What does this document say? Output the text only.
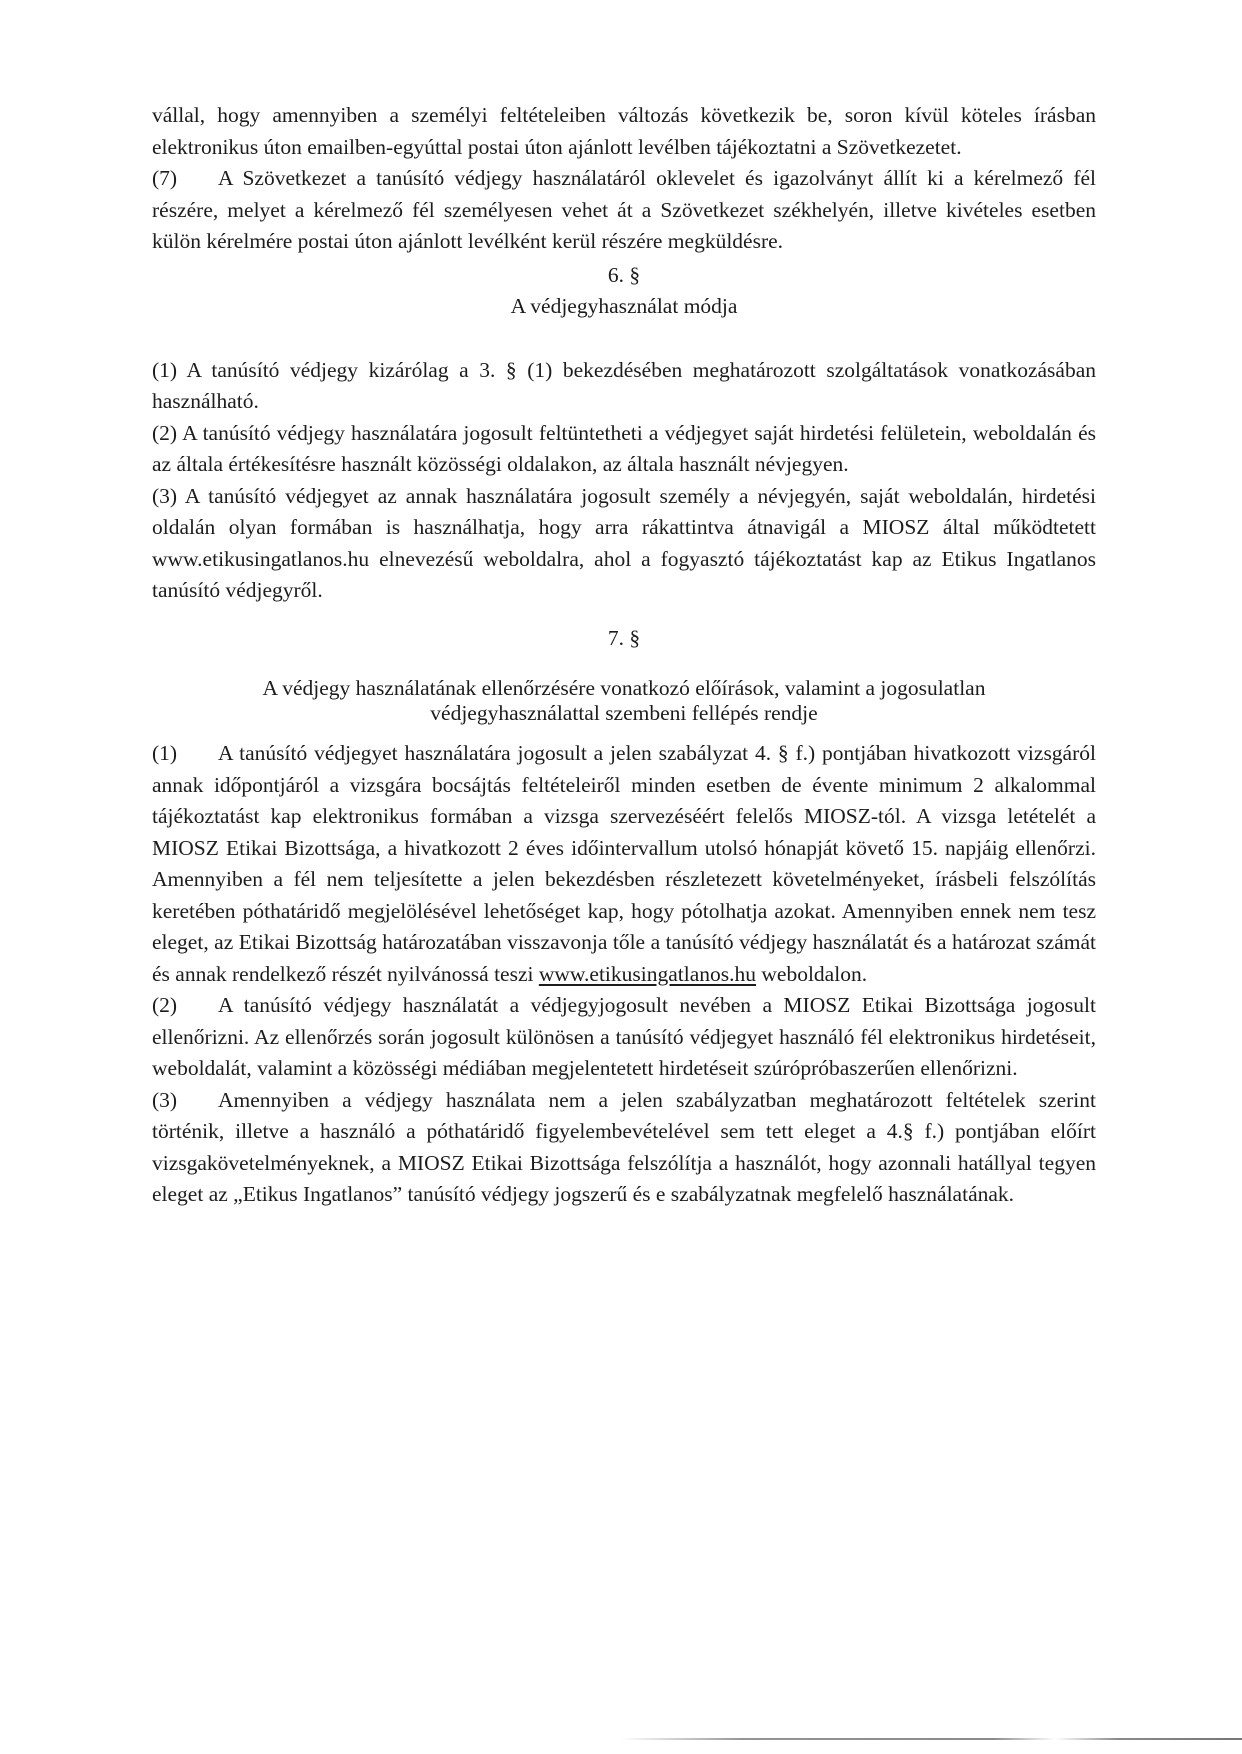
vállal, hogy amennyiben a személyi feltételeiben változás következik be, soron kívül köteles írásban elektronikus úton emailben-egyúttal postai úton ajánlott levélben tájékoztatni a Szövetkezetet.

(7) A Szövetkezet a tanúsító védjegy használatáról oklevelet és igazolványt állít ki a kérelmező fél részére, melyet a kérelmező fél személyesen vehet át a Szövetkezet székhelyén, illetve kivételes esetben külön kérelmére postai úton ajánlott levélként kerül részére megküldésre.

6. §

A védjegyhasználat módja

(1) A tanúsító védjegy kizárólag a 3. § (1) bekezdésében meghatározott szolgáltatások vonatkozásában használható.

(2) A tanúsító védjegy használatára jogosult feltüntetheti a védjegyet saját hirdetési felületein, weboldalán és az általa értékesítésre használt közösségi oldalakon, az általa használt névjegyen.

(3) A tanúsító védjegyet az annak használatára jogosult személy a névjegyén, saját weboldalán, hirdetési oldalán olyan formában is használhatja, hogy arra rákattintva átnavigál a MIOSZ által működtetett www.etikusingatlanos.hu elnevezésű weboldalra, ahol a fogyasztó tájékoztatást kap az Etikus Ingatlanos tanúsító védjegyről.

7. §

A védjegy használatának ellenőrzésére vonatkozó előírások, valamint a jogosulatlan
védjegyhasználattal szembeni fellépés rendje

(1) A tanúsító védjegyet használatára jogosult a jelen szabályzat 4. § f.) pontjában hivatkozott vizsgáról annak időpontjáról a vizsgára bocsájtás feltételeiről minden esetben de évente minimum 2 alkalommal tájékoztatást kap elektronikus formában a vizsga szervezéséért felelős MIOSZ-tól. A vizsga letételét a MIOSZ Etikai Bizottsága, a hivatkozott 2 éves időintervallum utolsó hónapját követő 15. napjáig ellenőrzi. Amennyiben a fél nem teljesítette a jelen bekezdésben részletezett követelményeket, írásbeli felszólítás keretében póthatáridő megjelölésével lehetőséget kap, hogy pótolhatja azokat. Amennyiben ennek nem tesz eleget, az Etikai Bizottság határozatában visszavonja tőle a tanúsító védjegy használatát és a határozat számát és annak rendelkező részét nyilvánossá teszi www.etikusingatlanos.hu weboldalon.

(2) A tanúsító védjegy használatát a védjegyjogosult nevében a MIOSZ Etikai Bizottsága jogosult ellenőrizni. Az ellenőrzés során jogosult különösen a tanúsító védjegyet használó fél elektronikus hirdetéseit, weboldalát, valamint a közösségi médiában megjelentetett hirdetéseit szúrópróbaszerűen ellenőrizni.

(3) Amennyiben a védjegy használata nem a jelen szabályzatban meghatározott feltételek szerint történik, illetve a használó a póthatáridő figyelembevételével sem tett eleget a 4.§ f.) pontjában előírt vizsgakövetelményeknek, a MIOSZ Etikai Bizottsága felszólítja a használót, hogy azonnali hatállyal tegyen eleget az „Etikus Ingatlanos” tanúsító védjegy jogszerű és e szabályzatnak megfelelő használatának.
